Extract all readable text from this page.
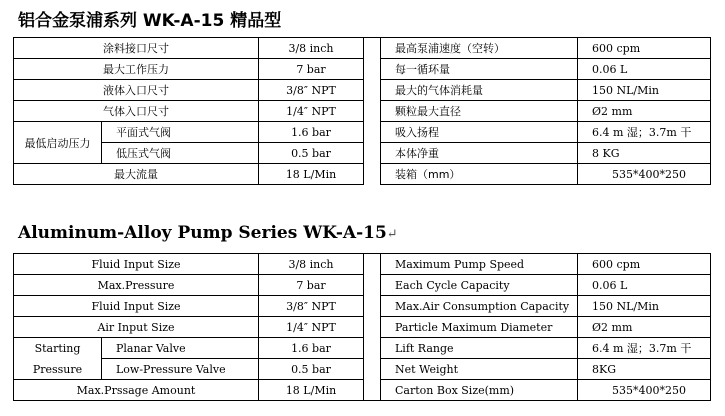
铝合金泵浦系列 WK-A-15 精品型
涂料接口尺寸		3/8 inch		最高泵浦速度（空转）	600 cpm
最大工作压力		7 bar		每一循环量	0.06 L
液体入口尺寸		3/8″ NPT		最大的气体消耗量	150 NL/Min
气体入口尺寸		1/4″ NPT		颗粒最大直径	Ø2 mm
最低启动压力	平面式气阀	1.6 bar		吸入扬程	6.4 m 湿；3.7m 干
	低压式气阀	0.5 bar		本体净重	8 KG
最大流量		18 L/Min		装箱（mm）	535*400*250
Aluminum-Alloy Pump Series WK-A-15↵
Fluid Input Size		3/8 inch		Maximum Pump Speed	600 cpm
Max.Pressure		7 bar		Each Cycle Capacity	0.06 L
Fluid Input Size		3/8″ NPT		Max.Air Consumption Capacity	150 NL/Min
Air Input Size		1/4″ NPT		Particle Maximum Diameter	Ø2 mm

Starting
Pressure	Planar Valve	1.6 bar		Lift Range	6.4 m 湿；3.7m 干
	Low-Pressure Valve	0.5 bar		Net Weight	8KG
Max.Prssage Amount		18 L/Min		Carton Box Size(mm)	535*400*250
